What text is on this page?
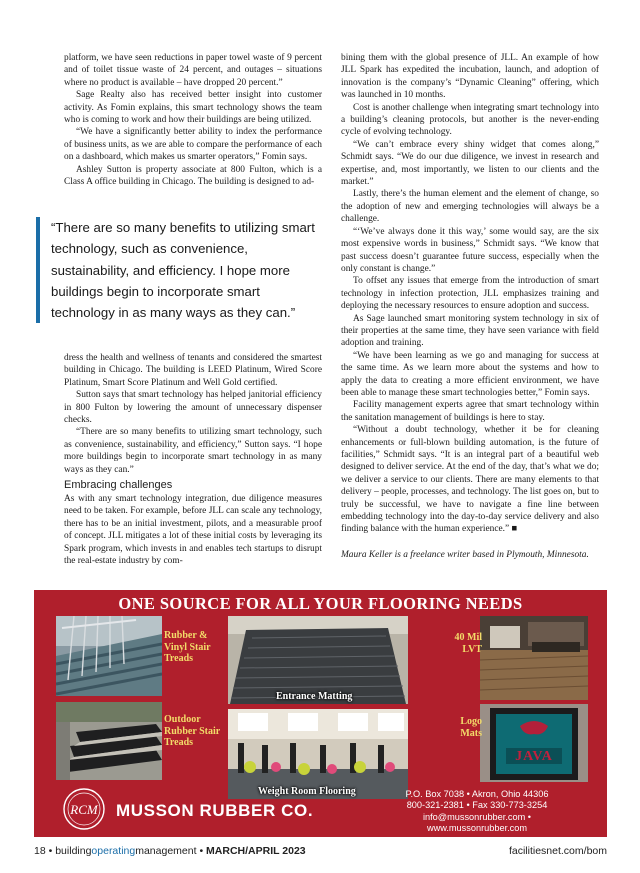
platform, we have seen reductions in paper towel waste of 9 percent and of toilet tissue waste of 24 percent, and outages – situations where no product is available – have dropped 20 percent.”

Sage Realty also has received better insight into customer activity. As Fomin explains, this smart technology shows the team who is coming to work and how their buildings are being utilized.

“We have a significantly better ability to index the performance of business units, as we are able to compare the performance of each on a dashboard, which makes us smarter operators,” Fomin says.

Ashley Sutton is property associate at 800 Fulton, which is a Class A office building in Chicago. The building is designed to ad-

“There are so many benefits to utilizing smart technology, such as convenience, sustainability, and efficiency. I hope more buildings begin to incorporate smart technology in as many ways as they can.”

dress the health and wellness of tenants and considered the smartest building in Chicago. The building is LEED Platinum, Wired Score Platinum, Smart Score Platinum and Well Gold certified.

Sutton says that smart technology has helped janitorial efficiency in 800 Fulton by lowering the amount of unnecessary dispenser checks.

“There are so many benefits to utilizing smart technology, such as convenience, sustainability, and efficiency,” Sutton says. “I hope more buildings begin to incorporate smart technology in as many ways as they can.”

Embracing challenges

As with any smart technology integration, due diligence measures need to be taken. For example, before JLL can scale any technology, there has to be an initial investment, pilots, and a measurable proof of concept. JLL mitigates a lot of these initial costs by leveraging its Spark program, which invests in and enables tech startups to disrupt the real-estate industry by com-

bining them with the global presence of JLL. An example of how JLL Spark has expedited the incubation, launch, and adoption of innovation is the company’s “Dynamic Cleaning” offering, which was launched in 10 months.

Cost is another challenge when integrating smart technology into a building’s cleaning protocols, but another is the never-ending cycle of evolving technology.

“We can’t embrace every shiny widget that comes along,” Schmidt says. “We do our due diligence, we invest in research and expertise, and, most importantly, we listen to our clients and the market.”

Lastly, there’s the human element and the element of change, so the adoption of new and emerging technologies will always be a challenge.

“‘We’ve always done it this way,’ some would say, are the six most expensive words in business,” Schmidt says. “We know that past success doesn’t guarantee future success, especially when the only constant is change.”

To offset any issues that emerge from the introduction of smart technology in infection protection, JLL emphasizes training and deploying the necessary resources to ensure adoption and success.

As Sage launched smart monitoring system technology in six of their properties at the same time, they have seen variance with field adoption and training.

“We have been learning as we go and managing for success at the same time. As we learn more about the systems and how to apply the data to creating a more efficient environment, we have been able to manage these smart technologies better,” Fomin says.

Facility management experts agree that smart technology within the sanitation management of buildings is here to stay.

“Without a doubt technology, whether it be for cleaning enhancements or full-blown building automation, is the future of facilities,” Schmidt says. “It is an integral part of a beautiful web designed to deliver service. At the end of the day, that’s what we do; we deliver a service to our clients. There are many elements to that delivery – people, processes, and technology. The list goes on, but to truly be successful, we have to navigate a fine line between embedding technology into the day-to-day service delivery and also finding balance with the human experience.” ■

Maura Keller is a freelance writer based in Plymouth, Minnesota.

ONE SOURCE FOR ALL YOUR FLOORING NEEDS
Rubber & Vinyl Stair Treads
Outdoor Rubber Stair Treads
Entrance Matting
Weight Room Flooring
40 Mil LVT
JAVA
Logo Mats
RCM MUSSON RUBBER CO.
P.O. Box 7038 • Akron, Ohio 44306
800-321-2381 • Fax 330-773-3254
info@mussonrubber.com • www.mussonrubber.com
18 • buildingoperatingmanagement • MARCH/APRIL 2023	facilitiesnet.com/bom
